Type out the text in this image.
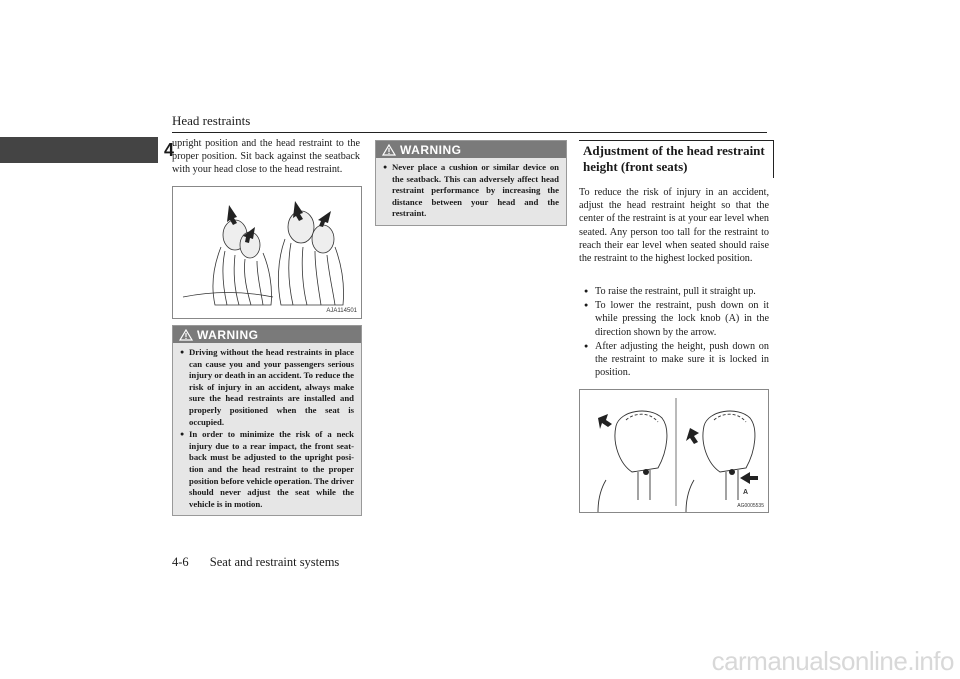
Head restraints
4
upright position and the head restraint to the proper position. Sit back against the seatback with your head close to the head restraint.
AJA114501
WARNING
● Driving without the head restraints in place can cause you and your passengers serious injury or death in an accident. To reduce the risk of injury in an accident, always make sure the head restraints are installed and properly positioned when the seat is occupied.
● In order to minimize the risk of a neck injury due to a rear impact, the front seat-back must be adjusted to the upright posi-tion and the head restraint to the proper position before vehicle operation. The driver should never adjust the seat while the vehicle is in motion.
WARNING
● Never place a cushion or similar device on the seatback. This can adversely affect head restraint performance by increasing the distance between your head and the restraint.
Adjustment of the head restraint height (front seats)
To reduce the risk of injury in an accident, adjust the head restraint height so that the center of the restraint is at your ear level when seated. Any person too tall for the restraint to reach their ear level when seated should raise the restraint to the highest locked position.
● To raise the restraint, pull it straight up.
● To lower the restraint, push down on it while pressing the lock knob (A) in the direction shown by the arrow.
● After adjusting the height, push down on the restraint to make sure it is locked in position.
A
AG0005535
4-6 Seat and restraint systems
carmanualsonline.info
